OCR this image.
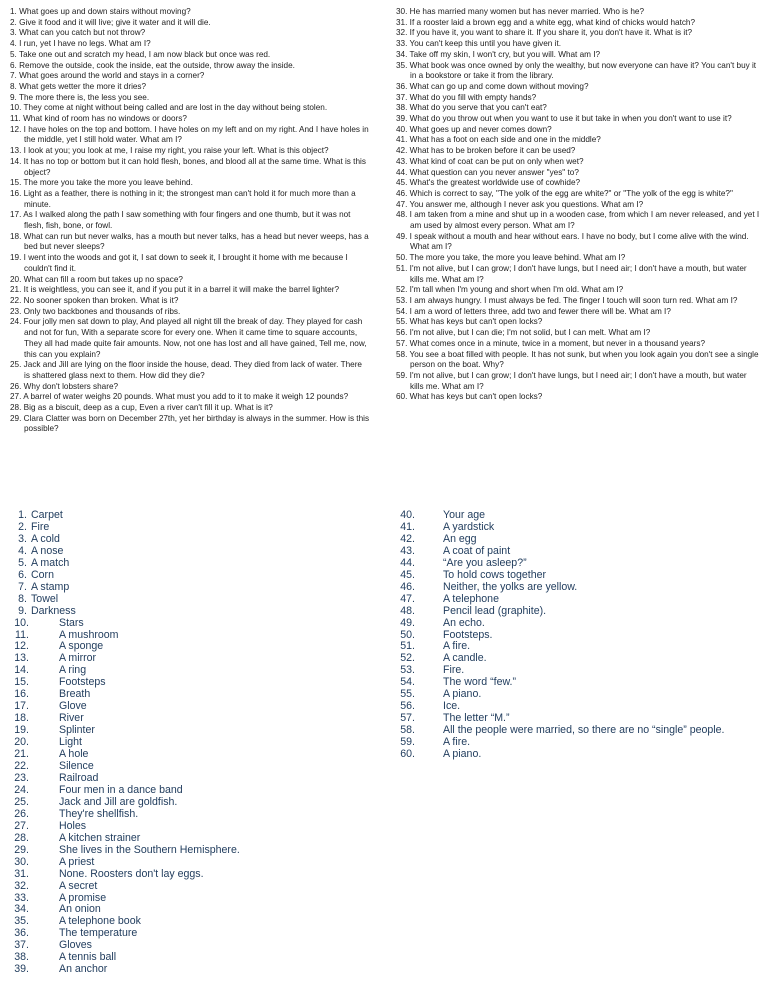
1. What goes up and down stairs without moving?

2. Give it food and it will live; give it water and it will die.

3. What can you catch but not throw?

4. I run, yet I have no legs. What am I?

5. Take one out and scratch my head, I am now black but once was red.

6. Remove the outside, cook the inside, eat the outside, throw away the inside.

7. What goes around the world and stays in a corner?

8. What gets wetter the more it dries?

9. The more there is, the less you see.

10. They come at night without being called and are lost in the day without being stolen.

11. What kind of room has no windows or doors?

12. I have holes on the top and bottom. I have holes on my left and on my right. And I have holes in the middle, yet I still hold water. What am I?

13. I look at you; you look at me, I raise my right, you raise your left. What is this object?

14. It has no top or bottom but it can hold flesh, bones, and blood all at the same time. What is this object?

15. The more you take the more you leave behind.

16. Light as a feather, there is nothing in it; the strongest man can't hold it for much more than a minute.

17. As I walked along the path I saw something with four fingers and one thumb, but it was not flesh, fish, bone, or fowl.

18. What can run but never walks, has a mouth but never talks, has a head but never weeps, has a bed but never sleeps?

19. I went into the woods and got it, I sat down to seek it, I brought it home with me because I couldn't find it.

20. What can fill a room but takes up no space?

21. It is weightless, you can see it, and if you put it in a barrel it will make the barrel lighter?

22. No sooner spoken than broken. What is it?

23. Only two backbones and thousands of ribs.

24. Four jolly men sat down to play, And played all night till the break of day. They played for cash and not for fun, With a separate score for every one. When it came time to square accounts, They all had made quite fair amounts. Now, not one has lost and all have gained, Tell me, now, this can you explain?

25. Jack and Jill are lying on the floor inside the house, dead. They died from lack of water. There is shattered glass next to them. How did they die?

26. Why don't lobsters share?

27. A barrel of water weighs 20 pounds. What must you add to it to make it weigh 12 pounds?

28. Big as a biscuit, deep as a cup, Even a river can't fill it up. What is it?

29. Clara Clatter was born on December 27th, yet her birthday is always in the summer. How is this possible?

30. He has married many women but has never married. Who is he?

31. If a rooster laid a brown egg and a white egg, what kind of chicks would hatch?

32. If you have it, you want to share it. If you share it, you don't have it. What is it?

33. You can't keep this until you have given it.

34. Take off my skin, I won't cry, but you will. What am I?

35. What book was once owned by only the wealthy, but now everyone can have it? You can't buy it in a bookstore or take it from the library.

36. What can go up and come down without moving?

37. What do you fill with empty hands?

38. What do you serve that you can't eat?

39. What do you throw out when you want to use it but take in when you don't want to use it?

40. What goes up and never comes down?

41. What has a foot on each side and one in the middle?

42. What has to be broken before it can be used?

43. What kind of coat can be put on only when wet?

44. What question can you never answer "yes" to?

45. What's the greatest worldwide use of cowhide?

46. Which is correct to say, "The yolk of the egg are white?" or "The yolk of the egg is white?"

47. You answer me, although I never ask you questions. What am I?

48. I am taken from a mine and shut up in a wooden case, from which I am never released, and yet I am used by almost every person. What am I?

49. I speak without a mouth and hear without ears. I have no body, but I come alive with the wind. What am I?

50. The more you take, the more you leave behind. What am I?

51. I'm not alive, but I can grow; I don't have lungs, but I need air; I don't have a mouth, but water kills me. What am I?

52. I'm tall when I'm young and short when I'm old. What am I?

53. I am always hungry. I must always be fed. The finger I touch will soon turn red. What am I?

54. I am a word of letters three, add two and fewer there will be. What am I?

55. What has keys but can't open locks?

56. I'm not alive, but I can die; I'm not solid, but I can melt. What am I?

57. What comes once in a minute, twice in a moment, but never in a thousand years?

58. You see a boat filled with people. It has not sunk, but when you look again you don't see a single person on the boat. Why?

59. I'm not alive, but I can grow; I don't have lungs, but I need air; I don't have a mouth, but water kills me. What am I?

60. What has keys but can't open locks?

1. Carpet
2. Fire
3. A cold
4. A nose
5. A match
6. Corn
7. A stamp
8. Towel
9. Darkness
10.	Stars
11.	A mushroom
12.	A sponge
13.	A mirror
14.	A ring
15.	Footsteps
16.	Breath
17.	Glove
18.	River
19.	Splinter
20.	Light
21.	A hole
22.	Silence
23.	Railroad
24.	Four men in a dance band
25.	Jack and Jill are goldfish.
26.	They're shellfish.
27.	Holes
28.	A kitchen strainer
29.	She lives in the Southern Hemisphere.
30.	A priest
31.	None. Roosters don't lay eggs.
32.	A secret
33.	A promise
34.	An onion
35.	A telephone book
36.	The temperature
37.	Gloves
38.	A tennis ball
39.	An anchor
40.	Your age
41.	A yardstick
42.	An egg
43.	A coat of paint
44.	“Are you asleep?”
45.	To hold cows together
46.	Neither, the yolks are yellow.
47.	A telephone
48.	Pencil lead (graphite).
49.	An echo.
50.	Footsteps.
51.	A fire.
52.	A candle.
53.	Fire.
54.	The word “few.”
55.	A piano.
56.	Ice.
57.	The letter “M.”
58.	All the people were married, so there are no “single” people.
59.	A fire.
60.	A piano.
